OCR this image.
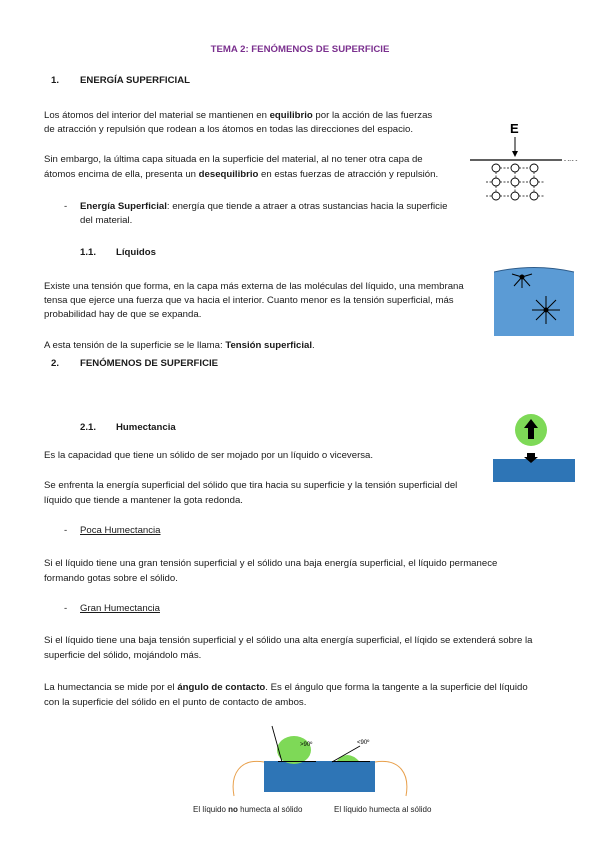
TEMA 2: FENÓMENOS DE SUPERFICIE
1. ENERGÍA SUPERFICIAL
Los átomos del interior del material se mantienen en equilibrio por la acción de las fuerzas
de atracción y repulsión que rodean a los átomos en todas las direcciones del espacio.
Sin embargo, la última capa situada en la superficie del material, al no tener otra capa de
átomos encima de ella, presenta un desequilibrio en estas fuerzas de atracción y repulsión.
- Energía Superficial: energía que tiende a atraer a otras sustancias hacia la superficie
del material.
E
- -·- -
1.1. Líquidos
Existe una tensión que forma, en la capa más externa de las moléculas del líquido, una membrana
tensa que ejerce una fuerza que va hacia el interior. Cuanto menor es la tensión superficial, más
probabilidad hay de que se expanda.
A esta tensión de la superficie se le llama: Tensión superficial.
2. FENÓMENOS DE SUPERFICIE
2.1. Humectancia
Es la capacidad que tiene un sólido de ser mojado por un líquido o viceversa.
Se enfrenta la energía superficial del sólido que tira hacia su superficie y la tensión superficial del
líquido que tiende a mantener la gota redonda.
- Poca Humectancia
Si el líquido tiene una gran tensión superficial y el sólido una baja energía superficial, el líquido permanece
formando gotas sobre el sólido.
- Gran Humectancia
Si el líquido tiene una baja tensión superficial y el sólido una alta energía superficial, el líqido se extenderá sobre la
superficie del sólido, mojándolo más.
La humectancia se mide por el ángulo de contacto. Es el ángulo que forma la tangente a la superficie del líquido
con la superficie del sólido en el punto de contacto de ambos.
>90º	<90º
El líquido no humecta al sólido	El líquido humecta al sólido
